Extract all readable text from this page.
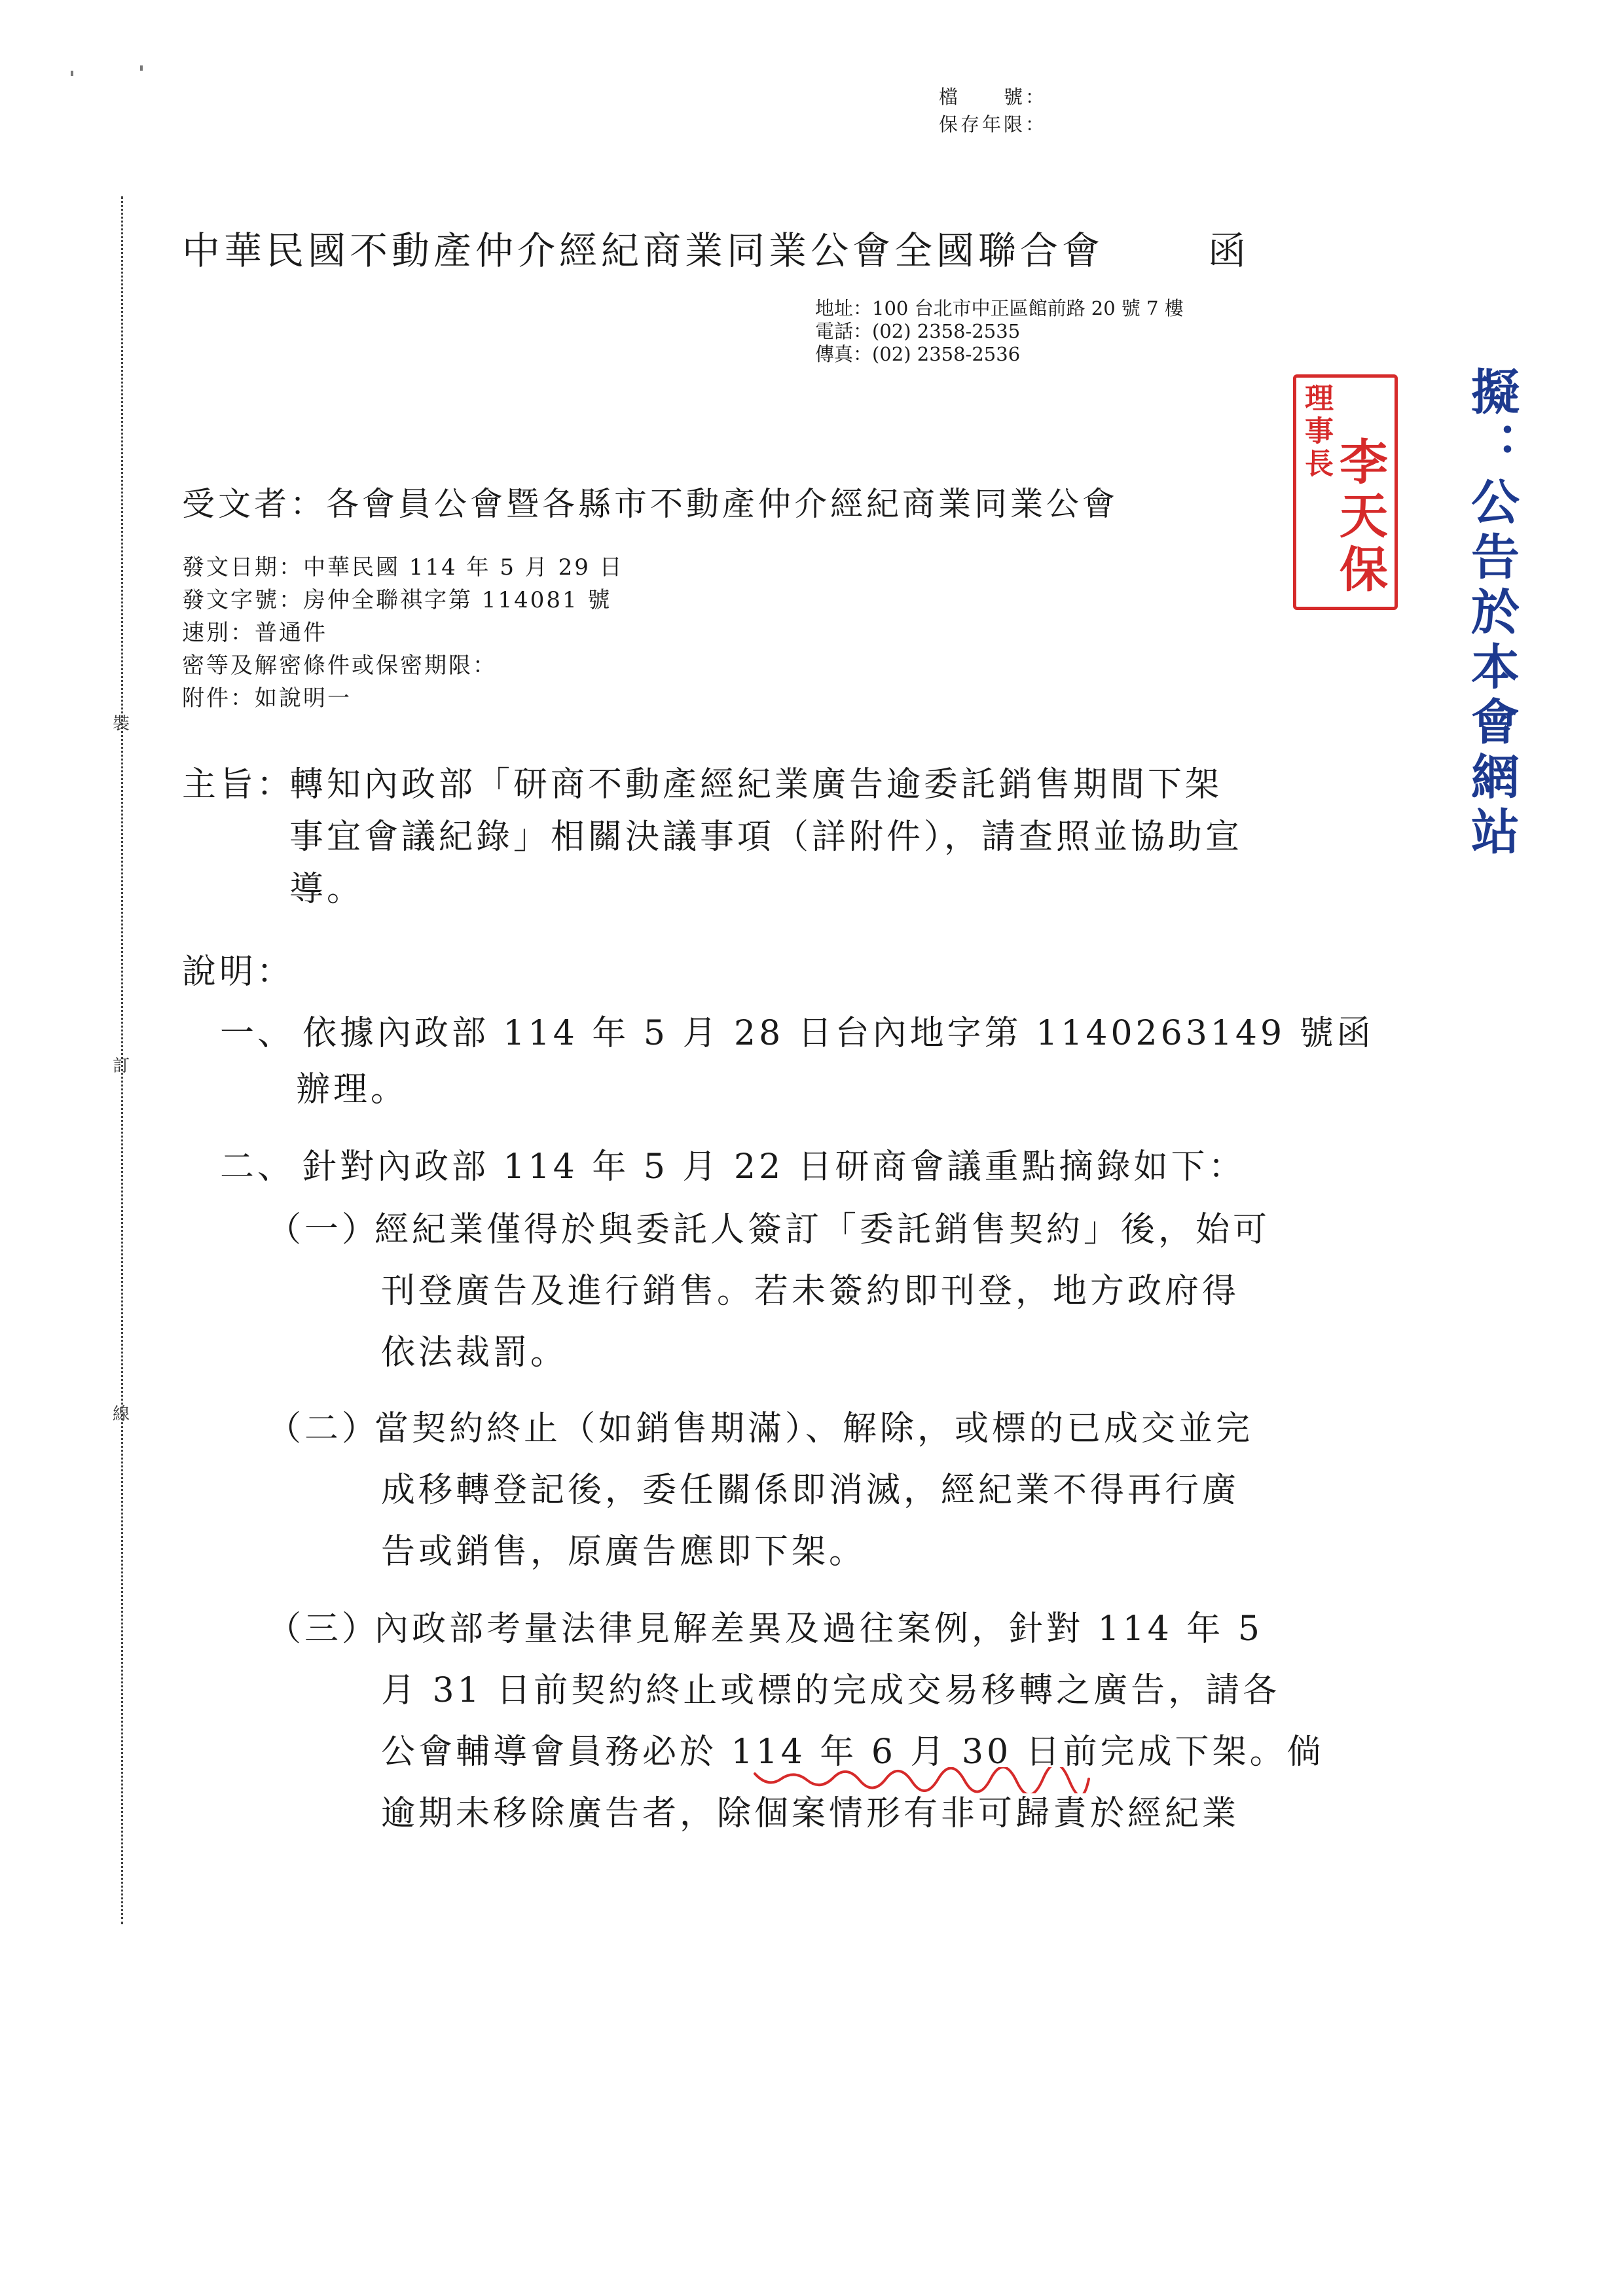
檔　　號：
保存年限：
裝
訂
線
中華民國不動產仲介經紀商業同業公會全國聯合會	函
地址：100 台北市中正區館前路 20 號 7 樓
電話：(02) 2358-2535
傳真：(02) 2358-2536
受文者：各會員公會暨各縣市不動產仲介經紀商業同業公會
發文日期：中華民國 114 年 5 月 29 日
發文字號：房仲全聯祺字第 114081 號
速別：普通件
密等及解密條件或保密期限：
附件：如說明一
主旨：
轉知內政部「研商不動產經紀業廣告逾委託銷售期間下架
事宜會議紀錄」相關決議事項（詳附件），請查照並協助宣
導。
說明：
一、 依據內政部 114 年 5 月 28 日台內地字第 1140263149 號函
辦理。
二、 針對內政部 114 年 5 月 22 日研商會議重點摘錄如下：
（一）
經紀業僅得於與委託人簽訂「委託銷售契約」後，始可
刊登廣告及進行銷售。若未簽約即刊登，地方政府得
依法裁罰。
（二）
當契約終止（如銷售期滿）、解除，或標的已成交並完
成移轉登記後，委任關係即消滅，經紀業不得再行廣
告或銷售，原廣告應即下架。
（三）
內政部考量法律見解差異及過往案例，針對 114 年 5
月 31 日前契約終止或標的完成交易移轉之廣告，請各
公會輔導會員務必於 114 年 6 月 30 日前完成下架。倘
逾期未移除廣告者，除個案情形有非可歸責於經紀業
理事長
李天保 擬：公告於本會網站
